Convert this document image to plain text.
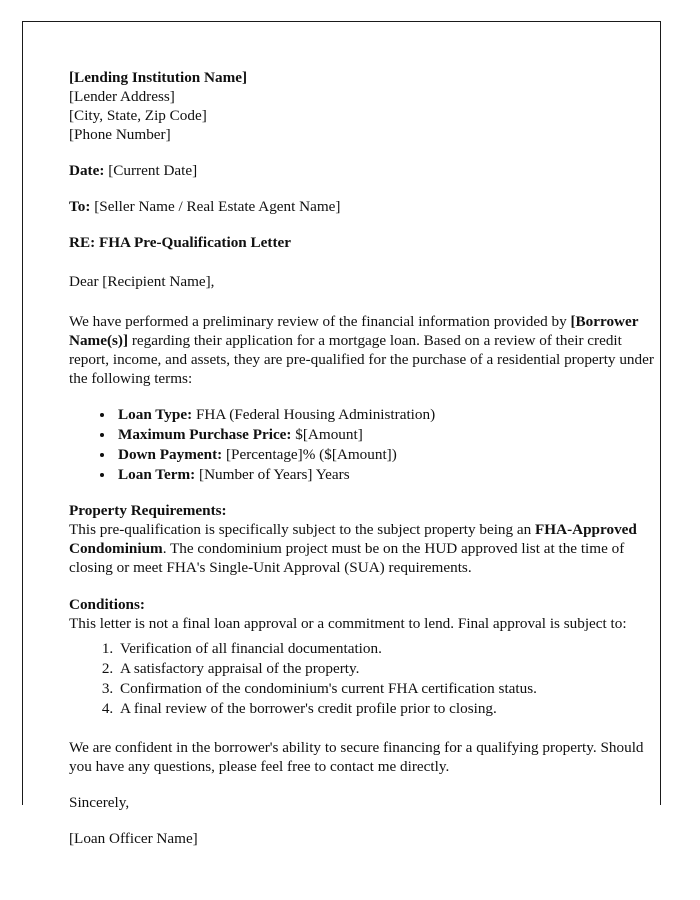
[Lending Institution Name]
[Lender Address]
[City, State, Zip Code]
[Phone Number]
Date: [Current Date]
To: [Seller Name / Real Estate Agent Name]
RE: FHA Pre-Qualification Letter
Dear [Recipient Name],

We have performed a preliminary review of the financial information provided by [Borrower Name(s)] regarding their application for a mortgage loan. Based on a review of their credit report, income, and assets, they are pre-qualified for the purchase of a residential property under the following terms:

• Loan Type: FHA (Federal Housing Administration)
• Maximum Purchase Price: $[Amount]
• Down Payment: [Percentage]% ($[Amount])
• Loan Term: [Number of Years] Years
Property Requirements:

This pre-qualification is specifically subject to the subject property being an FHA-Approved Condominium. The condominium project must be on the HUD approved list at the time of closing or meet FHA's Single-Unit Approval (SUA) requirements.

Conditions:

This letter is not a final loan approval or a commitment to lend. Final approval is subject to:

1. Verification of all financial documentation.
2. A satisfactory appraisal of the property.
3. Confirmation of the condominium's current FHA certification status.
4. A final review of the borrower's credit profile prior to closing.

We are confident in the borrower's ability to secure financing for a qualifying property. Should you have any questions, please feel free to contact me directly.

Sincerely,
[Loan Officer Name]
